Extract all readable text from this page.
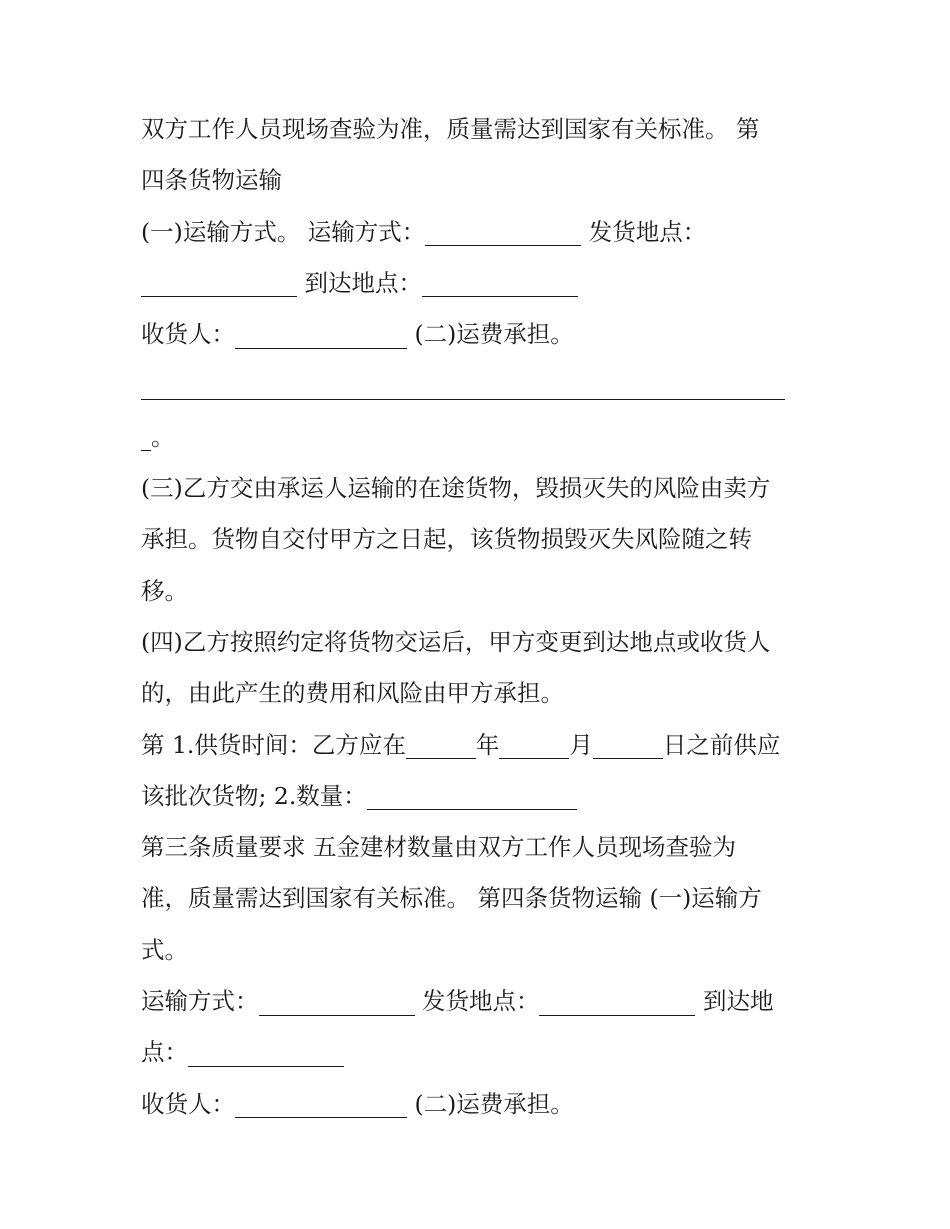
双方工作人员现场查验为准，质量需达到国家有关标准。 第
四条货物运输
(一)运输方式。 运输方式：	发货地点：
到达地点：
收货人：	(二)运费承担。
。
(三)乙方交由承运人运输的在途货物，毁损灭失的风险由卖方
承担。货物自交付甲方之日起，该货物损毁灭失风险随之转
移。
(四)乙方按照约定将货物交运后，甲方变更到达地点或收货人
的，由此产生的费用和风险由甲方承担。
第 1.供货时间：乙方应在	年	月	日之前供应
该批次货物; 2.数量：
第三条质量要求 五金建材数量由双方工作人员现场查验为
准，质量需达到国家有关标准。 第四条货物运输 (一)运输方
式。
运输方式：	发货地点：	到达地
点：
收货人：	(二)运费承担。
